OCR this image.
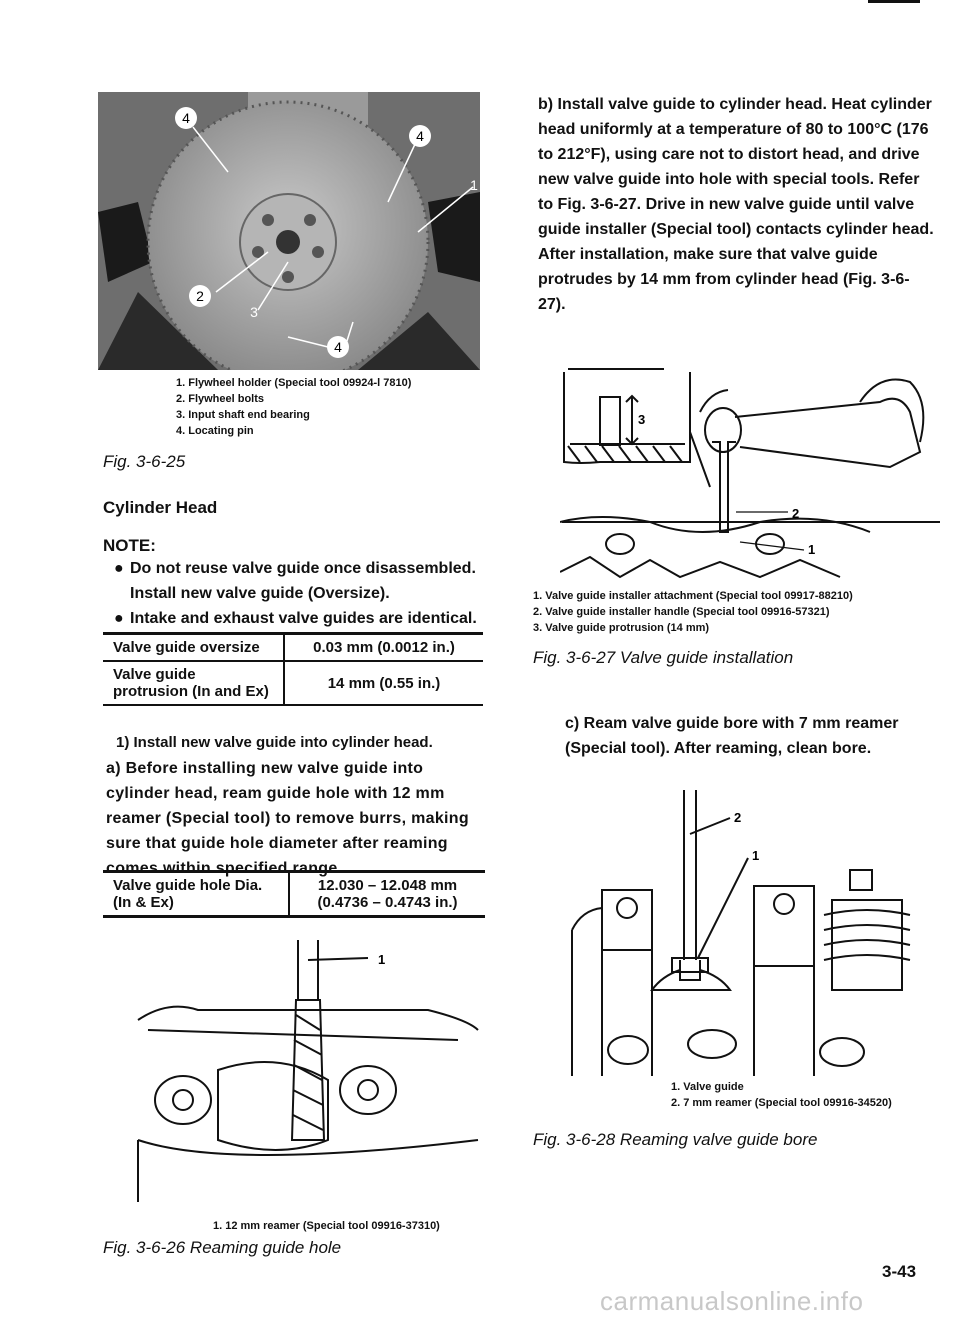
4
4
1
2
3
4
1. Flywheel holder (Special tool 09924-l 7810)
2. Flywheel bolts
3. Input shaft end bearing
4. Locating pin
Fig. 3-6-25
Cylinder Head
NOTE:
● Do not reuse valve guide once disassembled. Install new valve guide (Oversize).
● Intake and exhaust valve guides are identical.
Valve guide oversize	0.03 mm (0.0012 in.)
Valve guide protrusion (In and Ex)	14 mm (0.55 in.)
1) Install new valve guide into cylinder head.
a) Before installing new valve guide into cylinder head, ream guide hole with 12 mm reamer (Special tool) to remove burrs, making sure that guide hole diameter after reaming comes within specified range.
Valve guide hole Dia. (In & Ex)	12.030 – 12.048 mm (0.4736 – 0.4743 in.)
1
1. 12 mm reamer (Special tool 09916-37310)
Fig. 3-6-26 Reaming guide hole
b) Install valve guide to cylinder head. Heat cylinder head uniformly at a temperature of 80 to 100°C (176 to 212°F), using care not to distort head, and drive new valve guide into hole with special tools. Refer to Fig. 3-6-27. Drive in new valve guide until valve guide installer (Special tool) contacts cylinder head. After installation, make sure that valve guide protrudes by 14 mm from cylinder head (Fig. 3-6-27).
3
2
1
1. Valve guide installer attachment (Special tool 09917-88210)
2. Valve guide installer handle (Special tool 09916-57321)
3. Valve guide protrusion (14 mm)
Fig. 3-6-27 Valve guide installation
c) Ream valve guide bore with 7 mm reamer (Special tool). After reaming, clean bore.
2
1
1. Valve guide
2. 7 mm reamer (Special tool 09916-34520)
Fig. 3-6-28 Reaming valve guide bore
3-43
carmanualsonline.info
